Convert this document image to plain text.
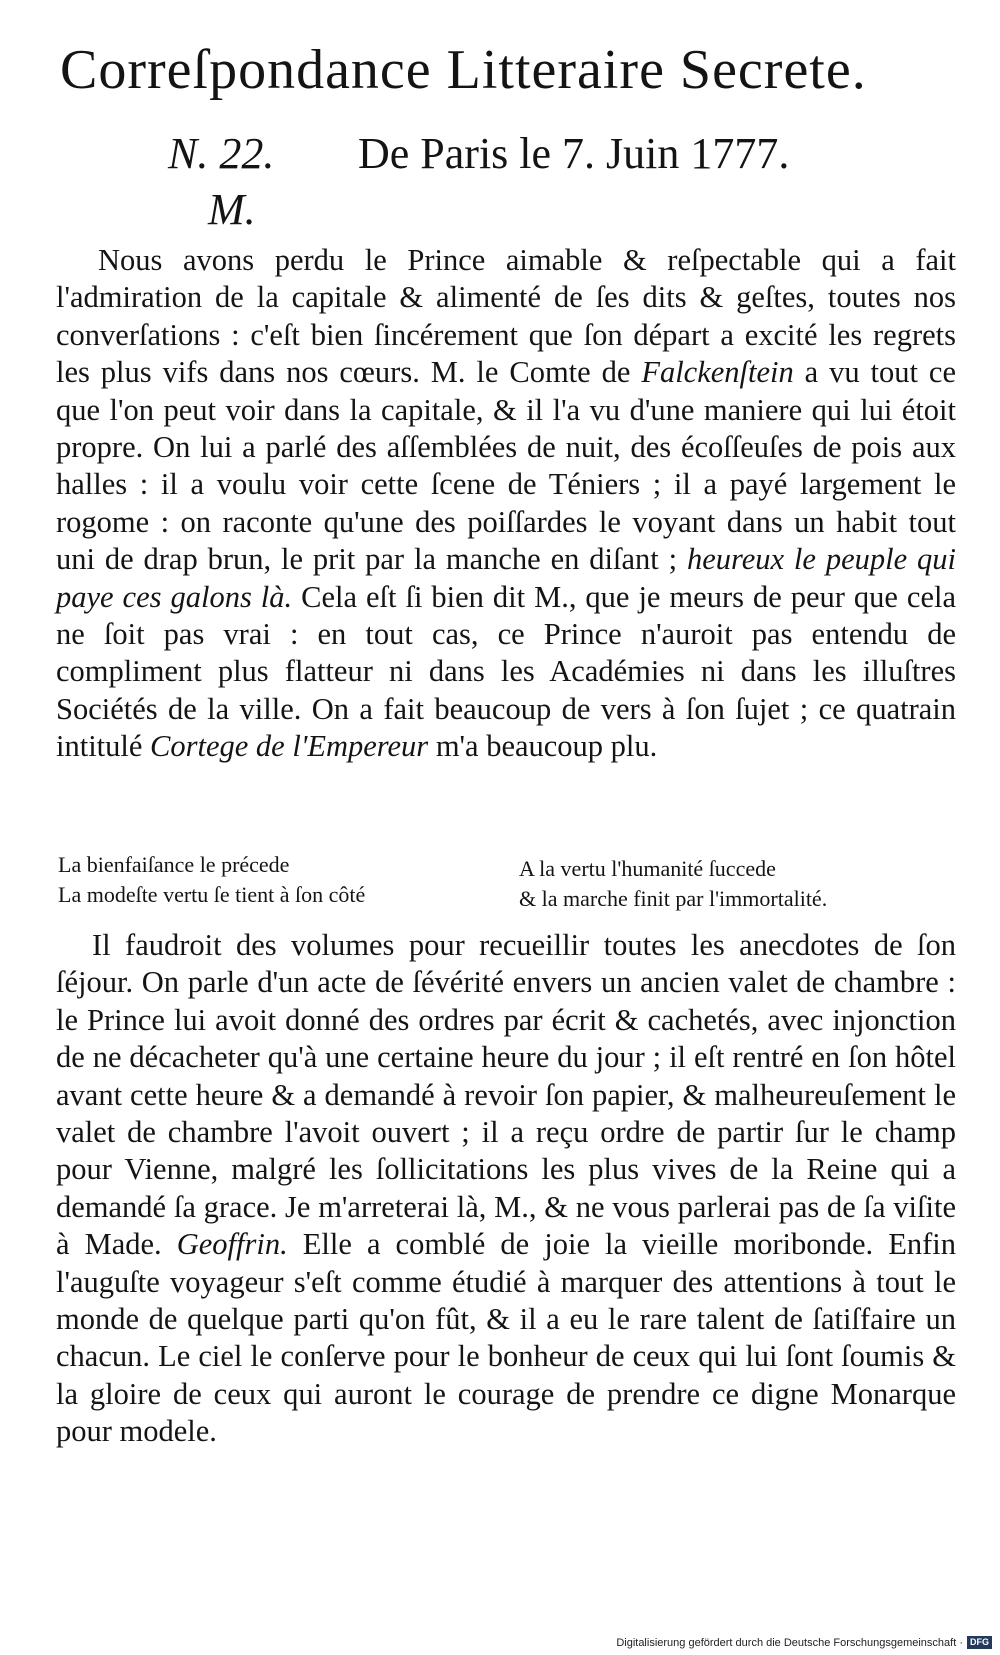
Correſpondance Litteraire Secrete.
N. 22. De Paris le 7. Juin 1777.
M.
Nous avons perdu le Prince aimable & reſpectable qui a fait l'admiration de la capitale & alimenté de ſes dits & geſtes, toutes nos converſations : c'eſt bien ſincérement que ſon départ a excité les regrets les plus vifs dans nos cœurs. M. le Comte de Falckenſtein a vu tout ce que l'on peut voir dans la capitale, & il l'a vu d'une maniere qui lui étoit propre. On lui a parlé des aſſemblées de nuit, des écoſſeuſes de pois aux halles : il a voulu voir cette ſcene de Téniers ; il a payé largement le rogome : on raconte qu'une des poiſſardes le voyant dans un habit tout uni de drap brun, le prit par la manche en diſant ; heureux le peuple qui paye ces galons là. Cela eſt ſi bien dit M., que je meurs de peur que cela ne ſoit pas vrai : en tout cas, ce Prince n'auroit pas entendu de compliment plus flatteur ni dans les Académies ni dans les illuſtres Sociétés de la ville. On a fait beaucoup de vers à ſon ſujet ; ce quatrain intitulé Cortege de l'Empereur m'a beaucoup plu.
La bienfaiſance le précede
La modeſte vertu ſe tient à ſon côté
A la vertu l'humanité ſuccede
& la marche finit par l'immortalité.
Il faudroit des volumes pour recueillir toutes les anecdotes de ſon ſéjour. On parle d'un acte de ſévérité envers un ancien valet de chambre : le Prince lui avoit donné des ordres par écrit & cachetés, avec injonction de ne décacheter qu'à une certaine heure du jour ; il eſt rentré en ſon hôtel avant cette heure & a demandé à revoir ſon papier, & malheureuſement le valet de chambre l'avoit ouvert ; il a reçu ordre de partir ſur le champ pour Vienne, malgré les ſollicitations les plus vives de la Reine qui a demandé ſa grace. Je m'arreterai là, M., & ne vous parlerai pas de ſa viſite à Made. Geoffrin. Elle a comblé de joie la vieille moribonde. Enfin l'auguſte voyageur s'eſt comme étudié à marquer des attentions à tout le monde de quelque parti qu'on fût, & il a eu le rare talent de ſatiſfaire un chacun. Le ciel le conſerve pour le bonheur de ceux qui lui ſont ſoumis & la gloire de ceux qui auront le courage de prendre ce digne Monarque pour modele.
Digitalisierung gefördert durch die Deutsche Forschungsgemeinschaft · DFG
